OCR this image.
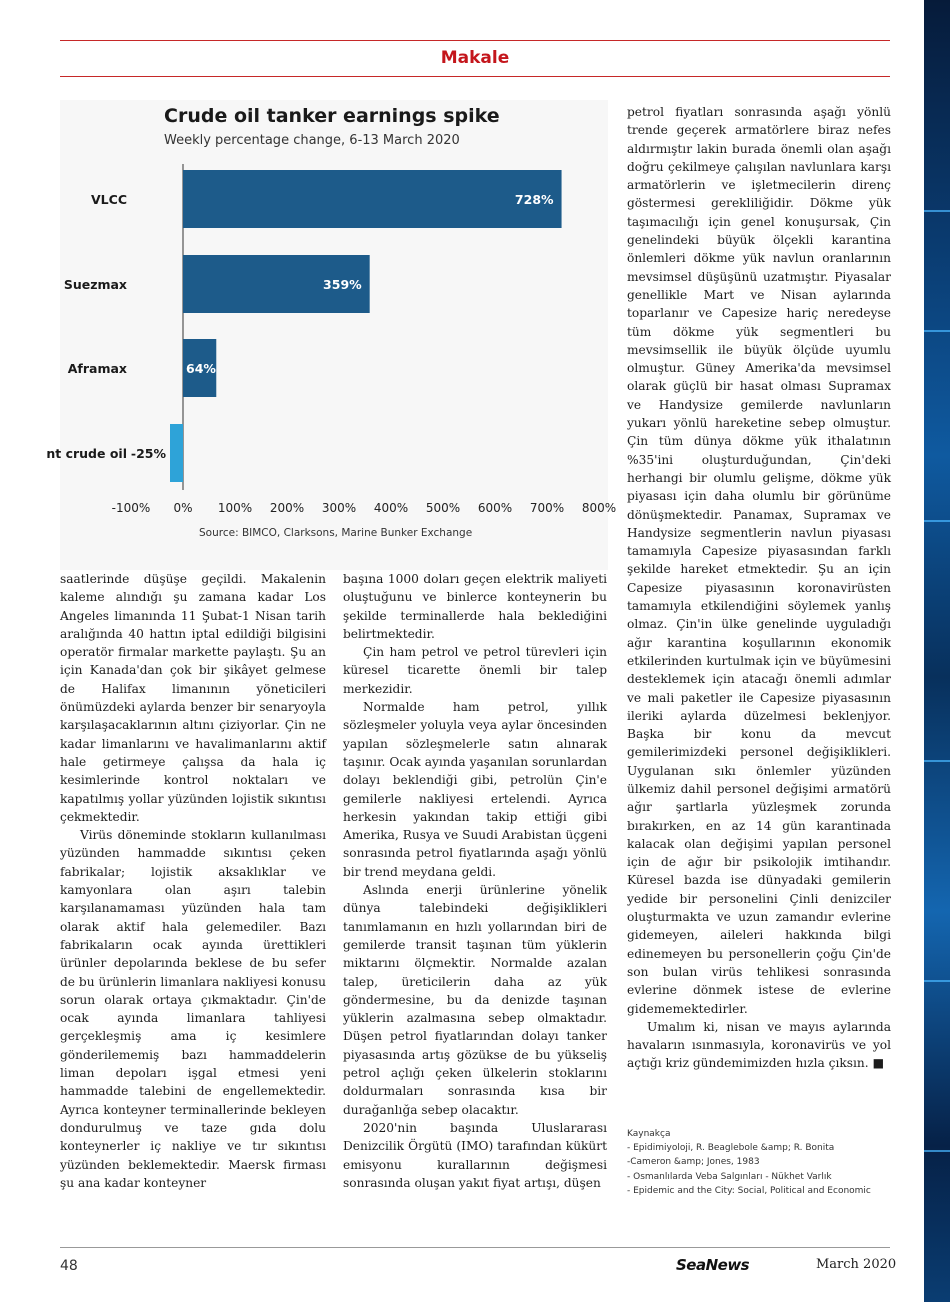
Makale
Crude oil tanker earnings spike
Weekly percentage change, 6-13 March 2020
VLCC	728%
Suezmax	359%
Aframax	64%
nt crude oil -25%
-100% 0% 100% 200% 300% 400% 500% 600% 700% 800%
Source: BIMCO, Clarksons, Marine Bunker Exchange

saatlerinde düşüşe geçildi. Makalenin kaleme alındığı şu zamana kadar Los Angeles limanında 11 Şubat-1 Nisan tarih aralığında 40 hattın iptal edildiği bilgisini operatör firmalar markette paylaştı. Şu an için Kanada'dan çok bir şikâyet gelmese de Halifax limanının yöneticileri önümüzdeki aylarda benzer bir senaryoyla karşılaşacaklarının altını çiziyorlar. Çin ne kadar limanlarını ve havalimanlarını aktif hale getirmeye çalışsa da hala iç kesimlerinde kontrol noktaları ve kapatılmış yollar yüzünden lojistik sıkıntısı çekmektedir.

Virüs döneminde stokların kullanılması yüzünden hammadde sıkıntısı çeken fabrikalar; lojistik aksaklıklar ve kamyonlara olan aşırı talebin karşılanamaması yüzünden hala tam olarak aktif hala gelemediler. Bazı fabrikaların ocak ayında ürettikleri ürünler depolarında beklese de bu sefer de bu ürünlerin limanlara nakliyesi konusu sorun olarak ortaya çıkmaktadır. Çin'de ocak ayında limanlara tahliyesi gerçekleşmiş ama iç kesimlere gönderilememiş bazı hammaddelerin liman depoları işgal etmesi yeni hammadde talebini de engellemektedir. Ayrıca konteyner terminallerinde bekleyen dondurulmuş ve taze gıda dolu konteynerler iç nakliye ve tır sıkıntısı yüzünden beklemektedir. Maersk firması şu ana kadar konteyner

başına 1000 doları geçen elektrik maliyeti oluştuğunu ve binlerce konteynerin bu şekilde terminallerde hala beklediğini belirtmektedir.

Çin ham petrol ve petrol türevleri için küresel ticarette önemli bir talep merkezidir.

Normalde ham petrol, yıllık sözleşmeler yoluyla veya aylar öncesinden yapılan sözleşmelerle satın alınarak taşınır. Ocak ayında yaşanılan sorunlardan dolayı beklendiği gibi, petrolün Çin'e gemilerle nakliyesi ertelendi. Ayrıca herkesin yakından takip ettiği gibi Amerika, Rusya ve Suudi Arabistan üçgeni sonrasında petrol fiyatlarında aşağı yönlü bir trend meydana geldi.

Aslında enerji ürünlerine yönelik dünya talebindeki değişiklikleri tanımlamanın en hızlı yollarından biri de gemilerde transit taşınan tüm yüklerin miktarını ölçmektir. Normalde azalan talep, üreticilerin daha az yük göndermesine, bu da denizde taşınan yüklerin azalmasına sebep olmaktadır. Düşen petrol fiyatlarından dolayı tanker piyasasında artış gözükse de bu yükseliş petrol açlığı çeken ülkelerin stoklarını doldurmaları sonrasında kısa bir durağanlığa sebep olacaktır.

2020'nin başında Uluslararası Denizcilik Örgütü (IMO) tarafından kükürt emisyonu kurallarının değişmesi sonrasında oluşan yakıt fiyat artışı, düşen

petrol fiyatları sonrasında aşağı yönlü trende geçerek armatörlere biraz nefes aldırmıştır lakin burada önemli olan aşağı doğru çekilmeye çalışılan navlunlara karşı armatörlerin ve işletmecilerin direnç göstermesi gerekliliğidir. Dökme yük taşımacılığı için genel konuşursak, Çin genelindeki büyük ölçekli karantina önlemleri dökme yük navlun oranlarının mevsimsel düşüşünü uzatmıştır. Piyasalar genellikle Mart ve Nisan aylarında toparlanır ve Capesize hariç neredeyse tüm dökme yük segmentleri bu mevsimsellik ile büyük ölçüde uyumlu olmuştur. Güney Amerika'da mevsimsel olarak güçlü bir hasat olması Supramax ve Handysize gemilerde navlunların yukarı yönlü hareketine sebep olmuştur. Çin tüm dünya dökme yük ithalatının %35'ini oluşturduğundan, Çin'deki herhangi bir olumlu gelişme, dökme yük piyasası için daha olumlu bir görünüme dönüşmektedir. Panamax, Supramax ve Handysize segmentlerin navlun piyasası tamamıyla Capesize piyasasından farklı şekilde hareket etmektedir. Şu an için Capesize piyasasının koronavirüsten tamamıyla etkilendiğini söylemek yanlış olmaz. Çin'in ülke genelinde uyguladığı ağır karantina koşullarının ekonomik etkilerinden kurtulmak için ve büyümesini desteklemek için atacağı önemli adımlar ve mali paketler ile Capesize piyasasının ileriki aylarda düzelmesi beklenjyor. Başka bir konu da mevcut gemilerimizdeki personel değişiklikleri. Uygulanan sıkı önlemler yüzünden ülkemiz dahil personel değişimi armatörü ağır şartlarla yüzleşmek zorunda bırakırken, en az 14 gün karantinada kalacak olan değişimi yapılan personel için de ağır bir psikolojik imtihandır. Küresel bazda ise dünyadaki gemilerin yedide bir personelini Çinli denizciler oluşturmakta ve uzun zamandır evlerine gidemeyen, aileleri hakkında bilgi edinemeyen bu personellerin çoğu Çin'de son bulan virüs tehlikesi sonrasında evlerine dönmek istese de evlerine gidememektedirler.

Umalım ki, nisan ve mayıs aylarında havaların ısınmasıyla, koronavirüs ve yol açtığı kriz gündemimizden hızla çıksın. ■

Kaynakça
- Epidimiyoloji, R. Beaglebole &amp; R. Bonita
-Cameron &amp; Jones, 1983
- Osmanlılarda Veba Salgınları - Nükhet Varlık
- Epidemic and the City: Social, Political and Economic
48	SeaNews	March 2020
